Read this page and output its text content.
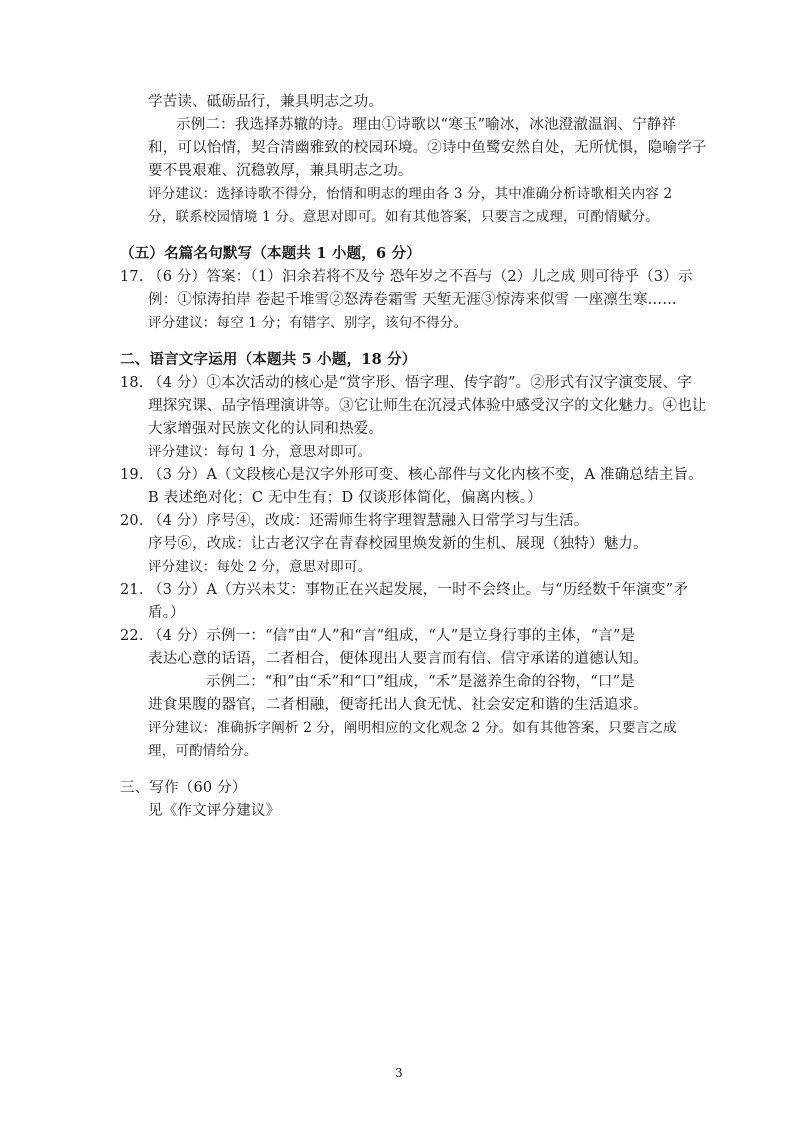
学苦读、砥砺品行，兼具明志之功。
示例二：我选择苏辙的诗。理由①诗歌以“寒玉”喻冰，冰池澄澈温润、宁静祥
和，可以怡情，契合清幽雅致的校园环境。②诗中鱼鹭安然自处，无所忧惧，隐喻学子
要不畏艰难、沉稳敦厚，兼具明志之功。
评分建议：选择诗歌不得分，怡情和明志的理由各 3 分，其中准确分析诗歌相关内容 2
分，联系校园情境 1 分。意思对即可。如有其他答案，只要言之成理，可酌情赋分。
（五）名篇名句默写（本题共 1 小题，6 分）
17. （6 分）答案：（1）汩余若将不及兮 恐年岁之不吾与（2）儿之成 则可待乎（3）示
例：①惊涛拍岸 卷起千堆雪②怒涛卷霜雪 天堑无涯③惊涛来似雪 一座凛生寒……
评分建议：每空 1 分；有错字、别字，该句不得分。
二、语言文字运用（本题共 5 小题，18 分）
18. （4 分）①本次活动的核心是“赏字形、悟字理、传字韵”。②形式有汉字演变展、字
理探究课、品字悟理演讲等。③它让师生在沉浸式体验中感受汉字的文化魅力。④也让
大家增强对民族文化的认同和热爱。
评分建议：每句 1 分，意思对即可。
19. （3 分）A（文段核心是汉字外形可变、核心部件与文化内核不变，A 准确总结主旨。
B 表述绝对化；C 无中生有；D 仅谈形体简化，偏离内核。）
20. （4 分）序号④，改成：还需师生将字理智慧融入日常学习与生活。
序号⑥，改成：让古老汉字在青春校园里焕发新的生机、展现（独特）魅力。
评分建议：每处 2 分，意思对即可。
21. （3 分）A（方兴未艾：事物正在兴起发展，一时不会终止。与“历经数千年演变”矛
盾。）
22. （4 分）示例一：“信”由“人”和“言”组成，“人”是立身行事的主体，“言”是
表达心意的话语，二者相合，便体现出人要言而有信、信守承诺的道德认知。
示例二：“和”由“禾”和“口”组成，“禾”是滋养生命的谷物，“口”是
进食果腹的器官，二者相融，便寄托出人食无忧、社会安定和谐的生活追求。
评分建议：准确拆字阐析 2 分，阐明相应的文化观念 2 分。如有其他答案，只要言之成
理，可酌情给分。
三、写作（60 分）
见《作文评分建议》
3
